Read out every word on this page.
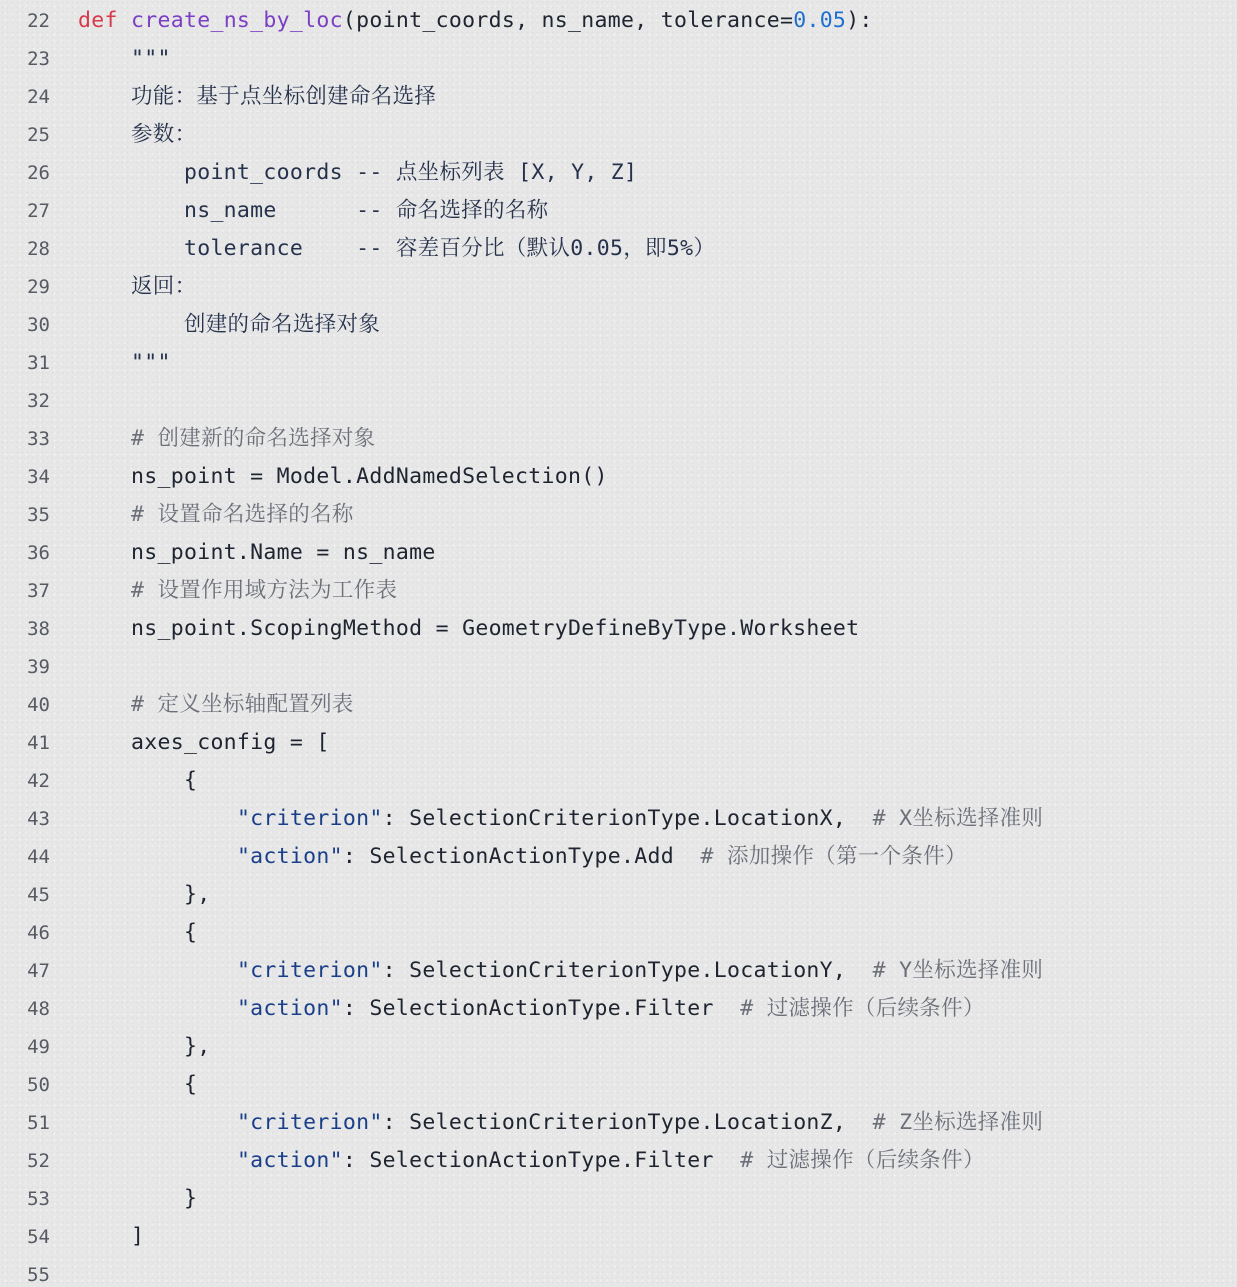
22 def create_ns_by_loc(point_coords, ns_name, tolerance=0.05):
23 """
24 功能：基于点坐标创建命名选择
25 参数：
26 point_coords -- 点坐标列表 [X, Y, Z]
27 ns_name      -- 命名选择的名称
28 tolerance    -- 容差百分比（默认0.05，即5%）
29 返回：
30 创建的命名选择对象
31 """
32
33 # 创建新的命名选择对象
34 ns_point = Model.AddNamedSelection()
35 # 设置命名选择的名称
36 ns_point.Name = ns_name
37 # 设置作用域方法为工作表
38 ns_point.ScopingMethod = GeometryDefineByType.Worksheet
39
40 # 定义坐标轴配置列表
41 axes_config = [
42 {
43	"criterion": SelectionCriterionType.LocationX,  # X坐标选择准则
44	"action": SelectionActionType.Add  # 添加操作（第一个条件）
45 },
46 {
47	"criterion": SelectionCriterionType.LocationY,  # Y坐标选择准则
48	"action": SelectionActionType.Filter  # 过滤操作（后续条件）
49 },
50 {
51	"criterion": SelectionCriterionType.LocationZ,  # Z坐标选择准则
52	"action": SelectionActionType.Filter  # 过滤操作（后续条件）
53 }
54 ]
55
